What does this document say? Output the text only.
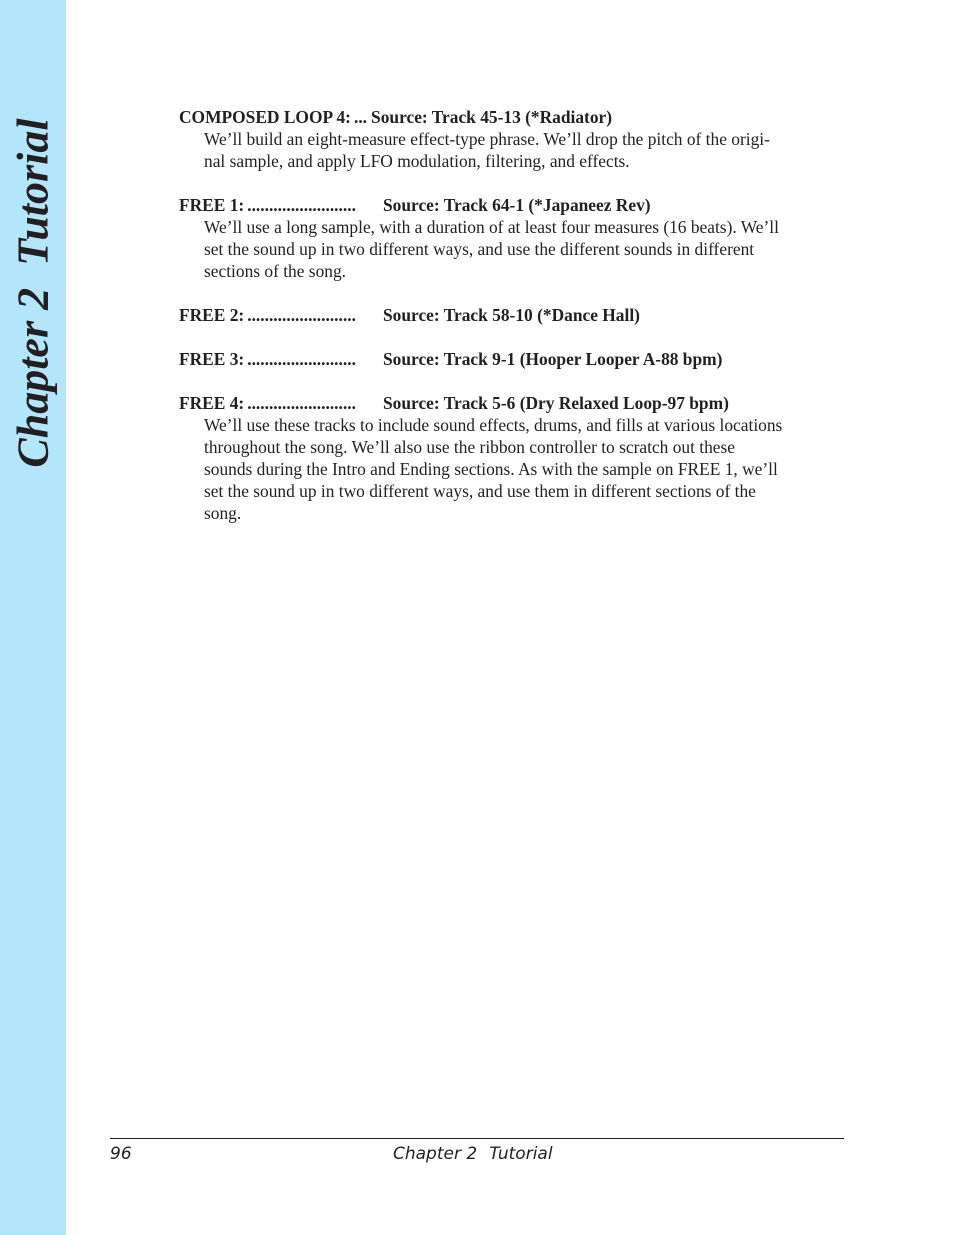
Chapter 2Tutorial
COMPOSED LOOP 4: ... Source: Track 45-13 (*Radiator)
We’ll build an eight-measure effect-type phrase. We’ll drop the pitch of the origi-
nal sample, and apply LFO modulation, filtering, and effects.
FREE 1: .........................	Source: Track 64-1 (*Japaneez Rev)
We’ll use a long sample, with a duration of at least four measures (16 beats). We’ll
set the sound up in two different ways, and use the different sounds in different
sections of the song.
FREE 2: .........................	Source: Track 58-10 (*Dance Hall)
FREE 3: .........................	Source: Track 9-1 (Hooper Looper A-88 bpm)
FREE 4: .........................	Source: Track 5-6 (Dry Relaxed Loop-97 bpm)
We’ll use these tracks to include sound effects, drums, and fills at various locations
throughout the song. We’ll also use the ribbon controller to scratch out these
sounds during the Intro and Ending sections. As with the sample on FREE 1, we’ll
set the sound up in two different ways, and use them in different sections of the
song.
96	Chapter 2 Tutorial
